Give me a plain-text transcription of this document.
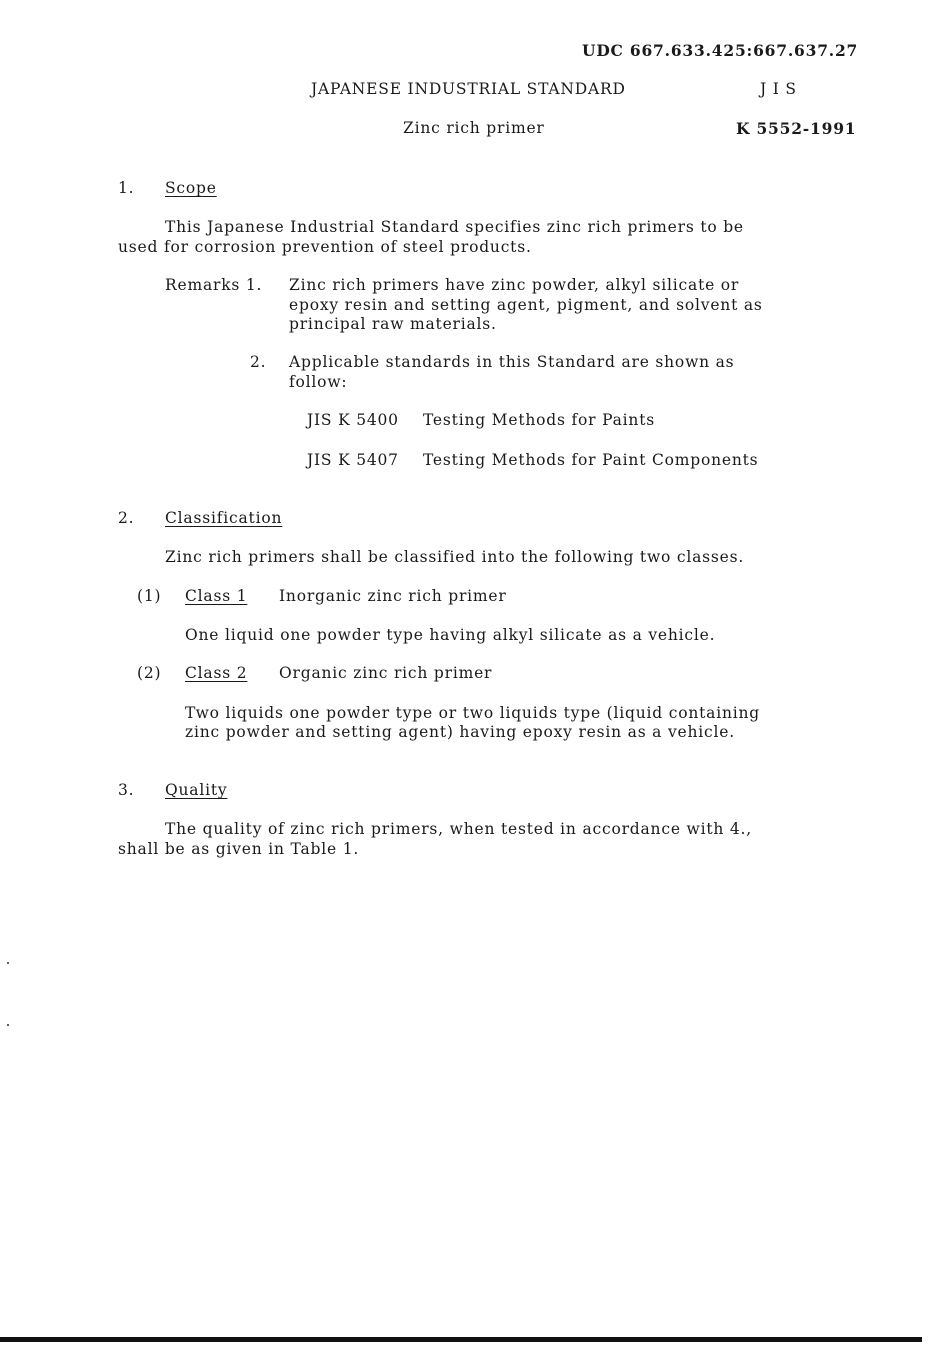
UDC 667.633.425:667.637.27
JAPANESE INDUSTRIAL STANDARD	J I S
Zinc rich primer	K 5552-1991
1. Scope
This Japanese Industrial Standard specifies zinc rich primers to be
used for corrosion prevention of steel products.
Remarks 1. Zinc rich primers have zinc powder, alkyl silicate or
epoxy resin and setting agent, pigment, and solvent as
principal raw materials.
2. Applicable standards in this Standard are shown as
follow:
JIS K 5400 Testing Methods for Paints
JIS K 5407 Testing Methods for Paint Components
2. Classification
Zinc rich primers shall be classified into the following two classes.
(1) Class 1 Inorganic zinc rich primer
One liquid one powder type having alkyl silicate as a vehicle.
(2) Class 2 Organic zinc rich primer
Two liquids one powder type or two liquids type (liquid containing
zinc powder and setting agent) having epoxy resin as a vehicle.
3. Quality
The quality of zinc rich primers, when tested in accordance with 4.,
shall be as given in Table 1.
